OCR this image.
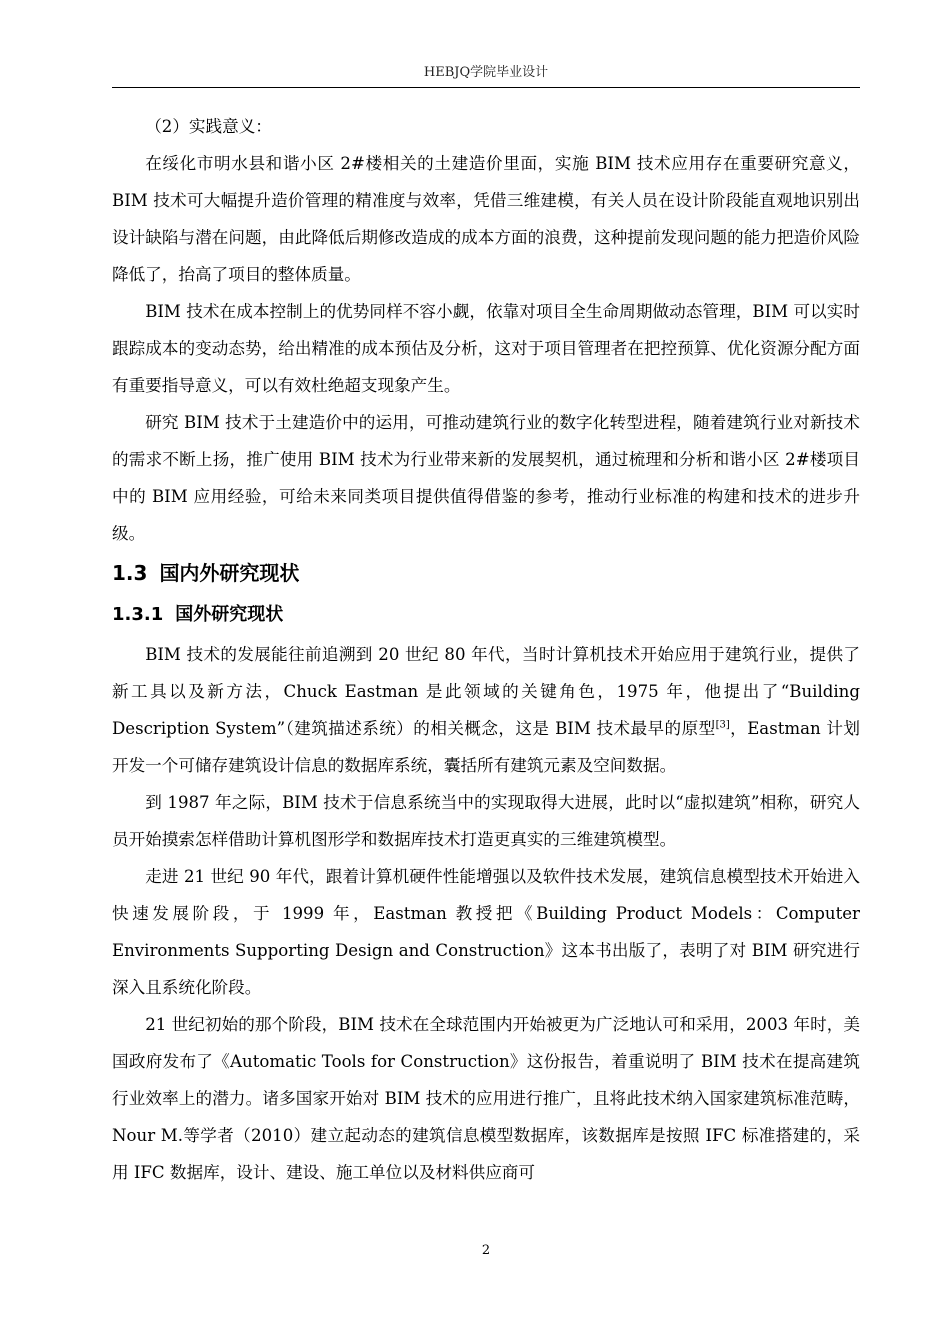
HEBJQ学院毕业设计

（2）实践意义：

在绥化市明水县和谐小区 2#楼相关的土建造价里面，实施 BIM 技术应用存在重要研究意义，BIM 技术可大幅提升造价管理的精准度与效率，凭借三维建模，有关人员在设计阶段能直观地识别出设计缺陷与潜在问题，由此降低后期修改造成的成本方面的浪费，这种提前发现问题的能力把造价风险降低了，抬高了项目的整体质量。

BIM 技术在成本控制上的优势同样不容小觑，依靠对项目全生命周期做动态管理，BIM 可以实时跟踪成本的变动态势，给出精准的成本预估及分析，这对于项目管理者在把控预算、优化资源分配方面有重要指导意义，可以有效杜绝超支现象产生。

研究 BIM 技术于土建造价中的运用，可推动建筑行业的数字化转型进程，随着建筑行业对新技术的需求不断上扬，推广使用 BIM 技术为行业带来新的发展契机，通过梳理和分析和谐小区 2#楼项目中的 BIM 应用经验，可给未来同类项目提供值得借鉴的参考，推动行业标准的构建和技术的进步升级。

1.3 国内外研究现状
1.3.1 国外研究现状

BIM 技术的发展能往前追溯到 20 世纪 80 年代，当时计算机技术开始应用于建筑行业，提供了新工具以及新方法，Chuck Eastman 是此领域的关键角色，1975 年，他提出了“Building Description System”（建筑描述系统）的相关概念，这是 BIM 技术最早的原型[3]，Eastman 计划开发一个可储存建筑设计信息的数据库系统，囊括所有建筑元素及空间数据。

到 1987 年之际，BIM 技术于信息系统当中的实现取得大进展，此时以“虚拟建筑”相称，研究人员开始摸索怎样借助计算机图形学和数据库技术打造更真实的三维建筑模型。

走进 21 世纪 90 年代，跟着计算机硬件性能增强以及软件技术发展，建筑信息模型技术开始进入快速发展阶段，于 1999 年，Eastman 教授把《Building Product Models：Computer Environments Supporting Design and Construction》这本书出版了，表明了对 BIM 研究进行深入且系统化阶段。

21 世纪初始的那个阶段，BIM 技术在全球范围内开始被更为广泛地认可和采用，2003 年时，美国政府发布了《Automatic Tools for Construction》这份报告，着重说明了 BIM 技术在提高建筑行业效率上的潜力。诸多国家开始对 BIM 技术的应用进行推广，且将此技术纳入国家建筑标准范畴，Nour M.等学者（2010）建立起动态的建筑信息模型数据库，该数据库是按照 IFC 标准搭建的，采用 IFC 数据库，设计、建设、施工单位以及材料供应商可

2
